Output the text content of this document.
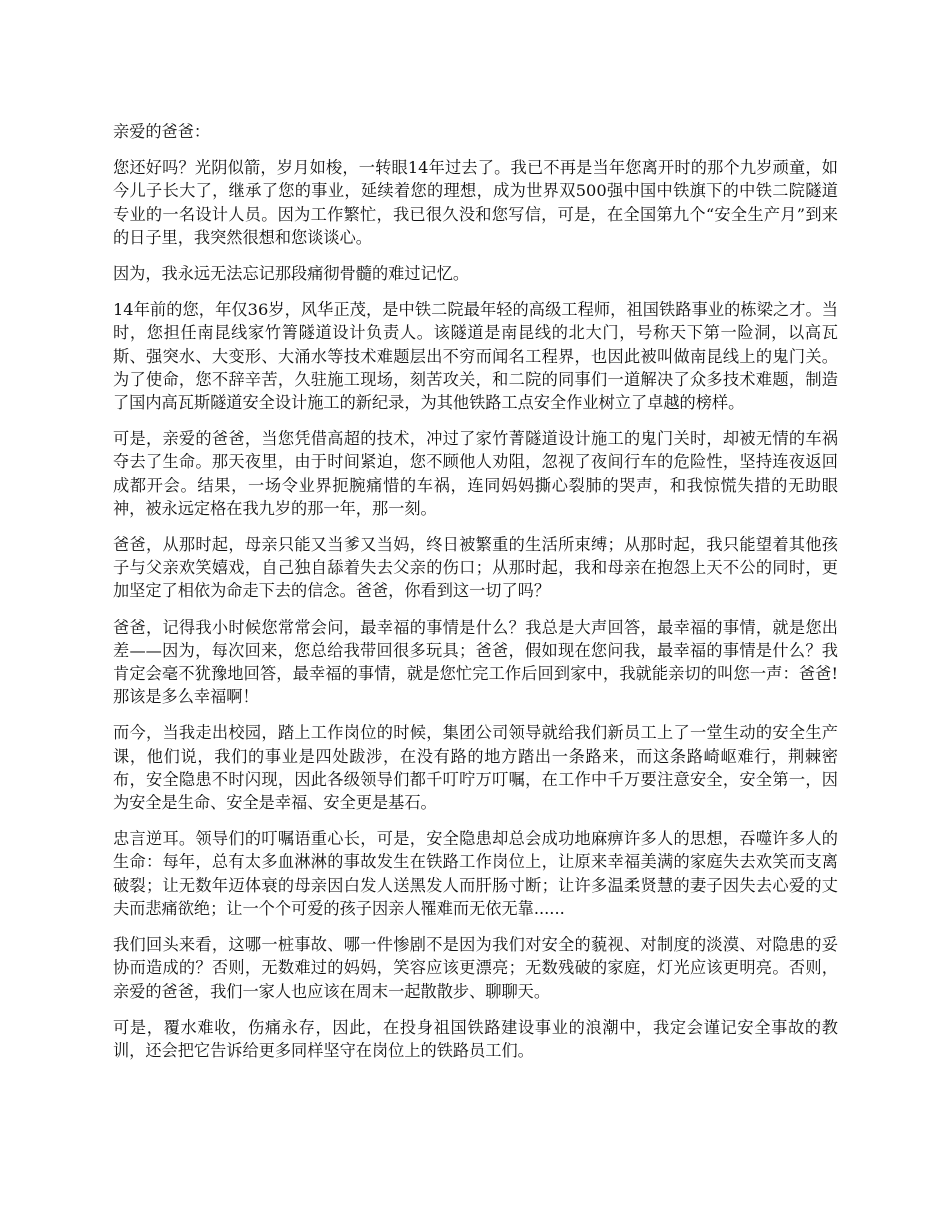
亲爱的爸爸：

您还好吗？光阴似箭，岁月如梭，一转眼14年过去了。我已不再是当年您离开时的那个九岁顽童，如今儿子长大了，继承了您的事业，延续着您的理想，成为世界双500强中国中铁旗下的中铁二院隧道专业的一名设计人员。因为工作繁忙，我已很久没和您写信，可是，在全国第九个“安全生产月”到来的日子里，我突然很想和您谈谈心。

因为，我永远无法忘记那段痛彻骨髓的难过记忆。

14年前的您，年仅36岁，风华正茂，是中铁二院最年轻的高级工程师，祖国铁路事业的栋梁之才。当时，您担任南昆线家竹箐隧道设计负责人。该隧道是南昆线的北大门，号称天下第一险洞，以高瓦斯、强突水、大变形、大涌水等技术难题层出不穷而闻名工程界，也因此被叫做南昆线上的鬼门关。为了使命，您不辞辛苦，久驻施工现场，刻苦攻关，和二院的同事们一道解决了众多技术难题，制造了国内高瓦斯隧道安全设计施工的新纪录，为其他铁路工点安全作业树立了卓越的榜样。

可是，亲爱的爸爸，当您凭借高超的技术，冲过了家竹菁隧道设计施工的鬼门关时，却被无情的车祸夺去了生命。那天夜里，由于时间紧迫，您不顾他人劝阻，忽视了夜间行车的危险性，坚持连夜返回成都开会。结果，一场令业界扼腕痛惜的车祸，连同妈妈撕心裂肺的哭声，和我惊慌失措的无助眼神，被永远定格在我九岁的那一年，那一刻。

爸爸，从那时起，母亲只能又当爹又当妈，终日被繁重的生活所束缚；从那时起，我只能望着其他孩子与父亲欢笑嬉戏，自己独自舔着失去父亲的伤口；从那时起，我和母亲在抱怨上天不公的同时，更加坚定了相依为命走下去的信念。爸爸，你看到这一切了吗？

爸爸，记得我小时候您常常会问，最幸福的事情是什么？我总是大声回答，最幸福的事情，就是您出差——因为，每次回来，您总给我带回很多玩具；爸爸，假如现在您问我，最幸福的事情是什么？我肯定会毫不犹豫地回答，最幸福的事情，就是您忙完工作后回到家中，我就能亲切的叫您一声：爸爸!那该是多么幸福啊！

而今，当我走出校园，踏上工作岗位的时候，集团公司领导就给我们新员工上了一堂生动的安全生产课，他们说，我们的事业是四处跋涉，在没有路的地方踏出一条路来，而这条路崎岖难行，荆棘密布，安全隐患不时闪现，因此各级领导们都千叮咛万叮嘱，在工作中千万要注意安全，安全第一，因为安全是生命、安全是幸福、安全更是基石。

忠言逆耳。领导们的叮嘱语重心长，可是，安全隐患却总会成功地麻痹许多人的思想，吞噬许多人的生命：每年，总有太多血淋淋的事故发生在铁路工作岗位上，让原来幸福美满的家庭失去欢笑而支离破裂；让无数年迈体衰的母亲因白发人送黑发人而肝肠寸断；让许多温柔贤慧的妻子因失去心爱的丈夫而悲痛欲绝；让一个个可爱的孩子因亲人罹难而无依无靠......

我们回头来看，这哪一桩事故、哪一件惨剧不是因为我们对安全的藐视、对制度的淡漠、对隐患的妥协而造成的？否则，无数难过的妈妈，笑容应该更漂亮；无数残破的家庭，灯光应该更明亮。否则，亲爱的爸爸，我们一家人也应该在周末一起散散步、聊聊天。

可是，覆水难收，伤痛永存，因此，在投身祖国铁路建设事业的浪潮中，我定会谨记安全事故的教训，还会把它告诉给更多同样坚守在岗位上的铁路员工们。
